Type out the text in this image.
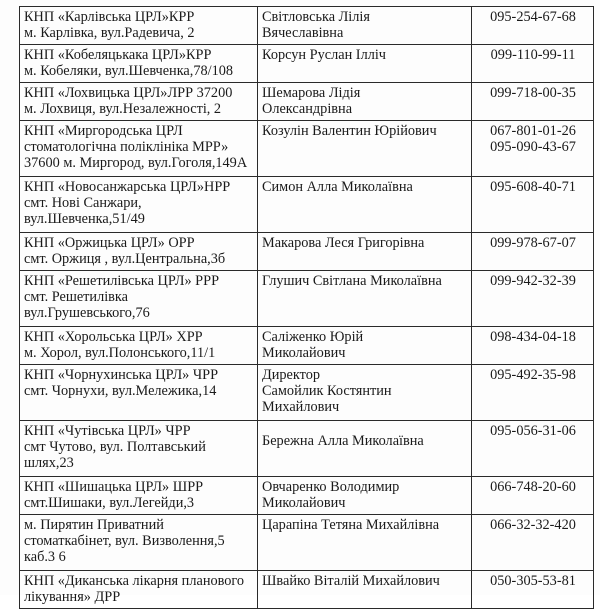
КНП «Карлівська ЦРЛ»КРР
м. Карлівка, вул.Радевича, 2	Світловська Лілія
Вячеславівна	095-254-67-68

КНП «Кобеляцькака ЦРЛ»КРР
м. Кобеляки, вул.Шевченка,78/108	Корсун Руслан Ілліч	099-110-99-11

КНП «Лохвицька ЦРЛ»ЛРР 37200
м. Лохвиця, вул.Незалежності, 2	Шемарова Лідія
Олександрівна	099-718-00-35

КНП «Миргородська ЦРЛ
стоматологічна поліклініка МРР»
37600 м. Миргород, вул.Гоголя,149А	Козулін Валентин Юрійович	067-801-01-26
095-090-43-67

КНП «Новосанжарська ЦРЛ»НРР
смт. Нові Санжари,
вул.Шевченка,51/49	Симон Алла Миколаївна	095-608-40-71

КНП «Оржицька ЦРЛ» ОРР
смт. Оржиця , вул.Центральна,3б	Макарова Леся Григорівна	099-978-67-07

КНП «Решетилівська ЦРЛ» РРР
смт. Решетилівка
вул.Грушевського,76	Глушич Світлана Миколаївна	099-942-32-39

КНП «Хорольська ЦРЛ» ХРР
м. Хорол, вул.Полонського,11/1	Саліженко Юрій
Миколайович	098-434-04-18

КНП «Чорнухинська ЦРЛ» ЧРР
смт. Чорнухи, вул.Мележика,14	Директор
Самойлик Костянтин
Михайлович	095-492-35-98

КНП «Чутівська ЦРЛ» ЧРР
смт Чутово, вул. Полтавський
шлях,23	Бережна Алла Миколаївна	095-056-31-06

КНП «Шишацька ЦРЛ» ШРР
смт.Шишаки, вул.Легейди,3	Овчаренко Володимир
Миколайович	066-748-20-60

м. Пирятин Приватний
стоматкабінет, вул. Визволення,5
каб.3 6	Царапіна Тетяна Михайлівна	066-32-32-420

КНП «Диканська лікарня планового
лікування» ДРР	Швайко Віталій Михайлович	050-305-53-81
